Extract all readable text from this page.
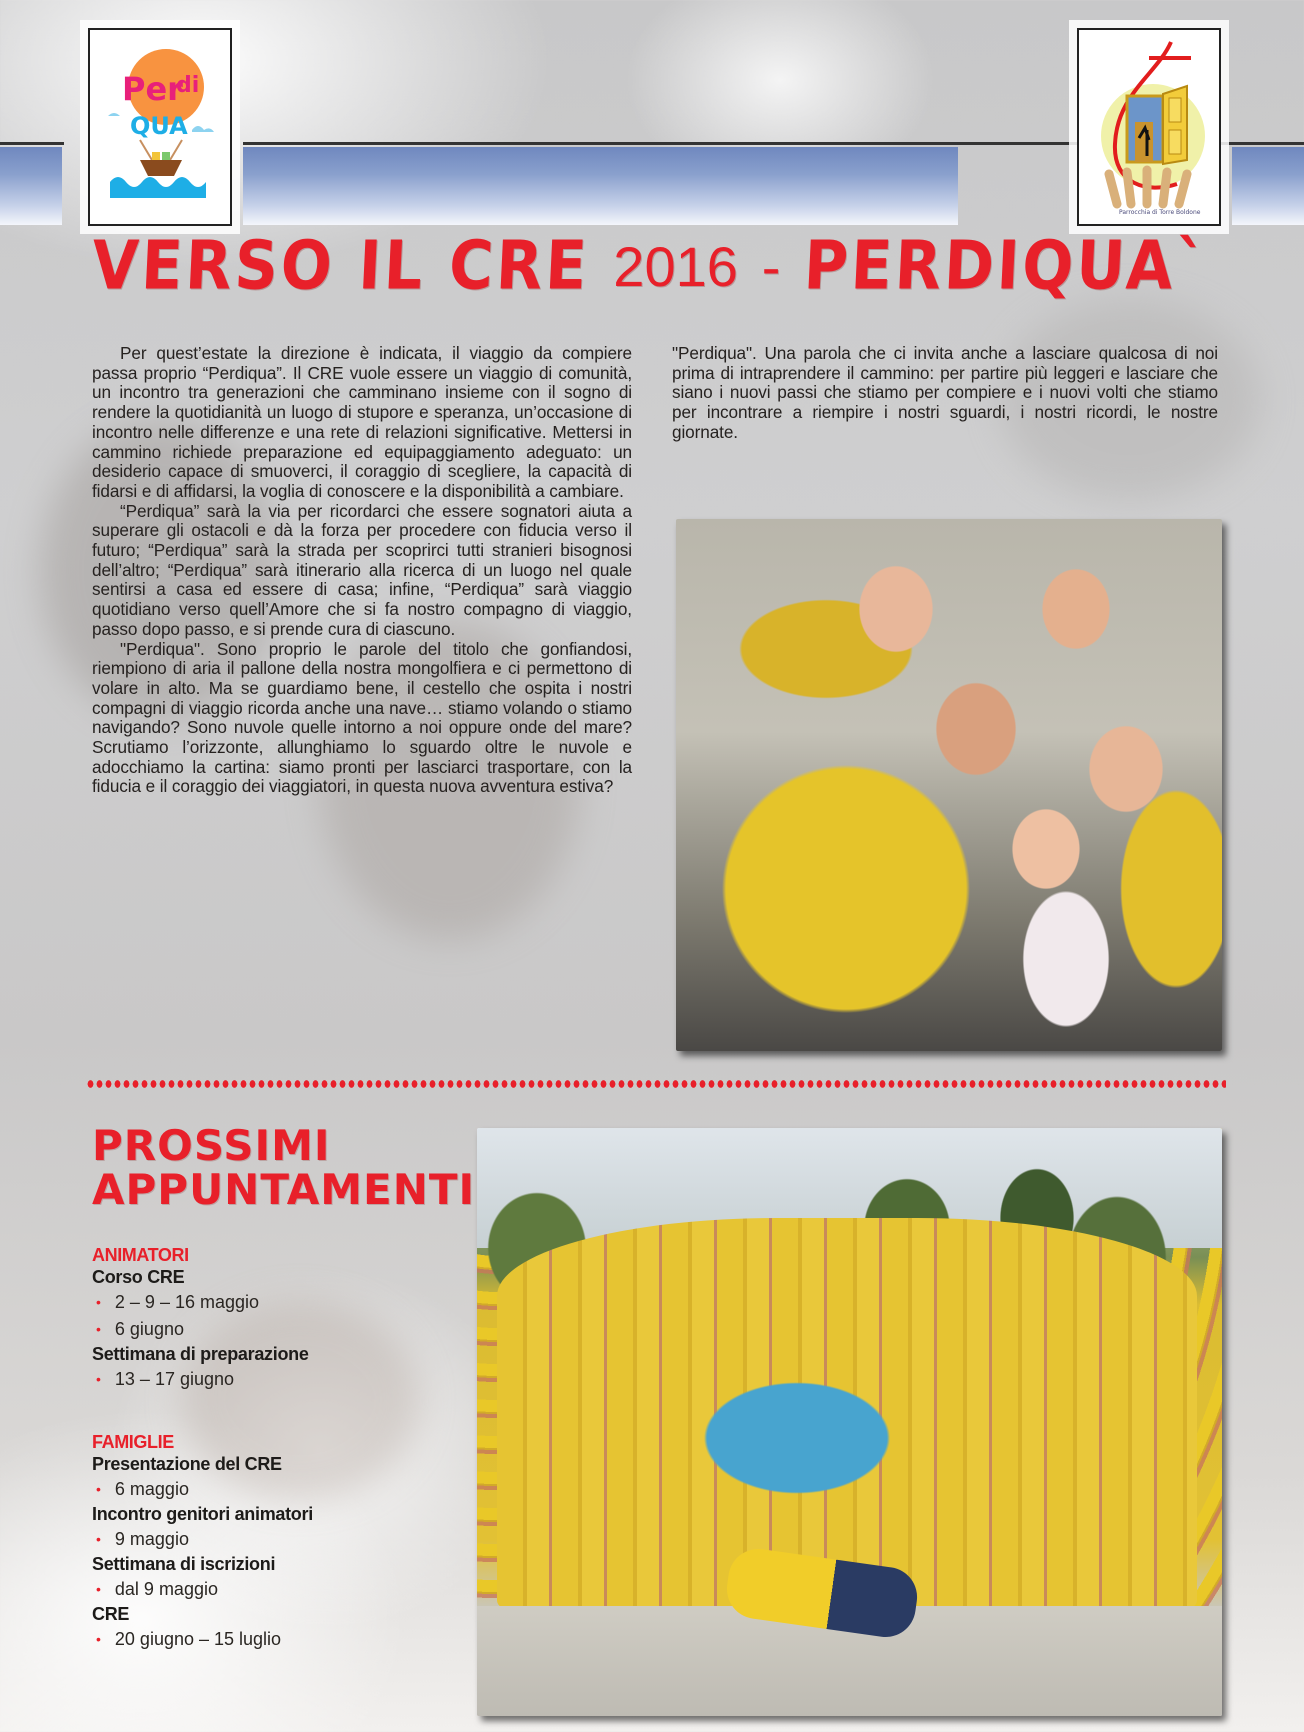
Per
di
QUA
Parrocchia di Torre Boldone
VERSO IL CRE 2016 - PERDIQUA`

Per quest’estate la direzione è indicata, il viaggio da compiere passa proprio “Perdiqua”. Il CRE vuole essere un viaggio di comunità, un incontro tra generazioni che camminano insieme con il sogno di rendere la quotidianità un luogo di stupore e speranza, un’occasione di incontro nelle differenze e una rete di relazioni significative. Mettersi in cammino richiede preparazione ed equipaggiamento adeguato: un desiderio capace di smuoverci, il coraggio di scegliere, la capacità di fidarsi e di affidarsi, la voglia di conoscere e la disponibilità a cambiare.

“Perdiqua” sarà la via per ricordarci che essere sognatori aiuta a superare gli ostacoli e dà la forza per procedere con fiducia verso il futuro; “Perdiqua” sarà la strada per scoprirci tutti stranieri bisognosi dell’altro; “Perdiqua” sarà itinerario alla ricerca di un luogo nel quale sentirsi a casa ed essere di casa; infine, “Perdiqua” sarà viaggio quotidiano verso quell’Amore che si fa nostro compagno di viaggio, passo dopo passo, e si prende cura di ciascuno.

"Perdiqua". Sono proprio le parole del titolo che gonfiandosi, riempiono di aria il pallone della nostra mongolfiera e ci permettono di volare in alto. Ma se guardiamo bene, il cestello che ospita i nostri compagni di viaggio ricorda anche una nave… stiamo volando o stiamo navigando? Sono nuvole quelle intorno a noi oppure onde del mare? Scrutiamo l’orizzonte, allunghiamo lo sguardo oltre le nuvole e adocchiamo la cartina: siamo pronti per lasciarci trasportare, con la fiducia e il coraggio dei viaggiatori, in questa nuova avventura estiva?

"Perdiqua". Una parola che ci invita anche a lasciare qualcosa di noi prima di intraprendere il cammino: per partire più leggeri e lasciare che siano i nuovi passi che stiamo per compiere e i nuovi volti che stiamo per incontrare a riempire i nostri sguardi, i nostri ricordi, le nostre giornate.

PROSSIMI
APPUNTAMENTI
ANIMATORI
Corso CRE
• 2 – 9 – 16 maggio
• 6 giugno
Settimana di preparazione
• 13 – 17 giugno
FAMIGLIE
Presentazione del CRE
• 6 maggio
Incontro genitori animatori
• 9 maggio
Settimana di iscrizioni
• dal 9 maggio
CRE
• 20 giugno – 15 luglio
